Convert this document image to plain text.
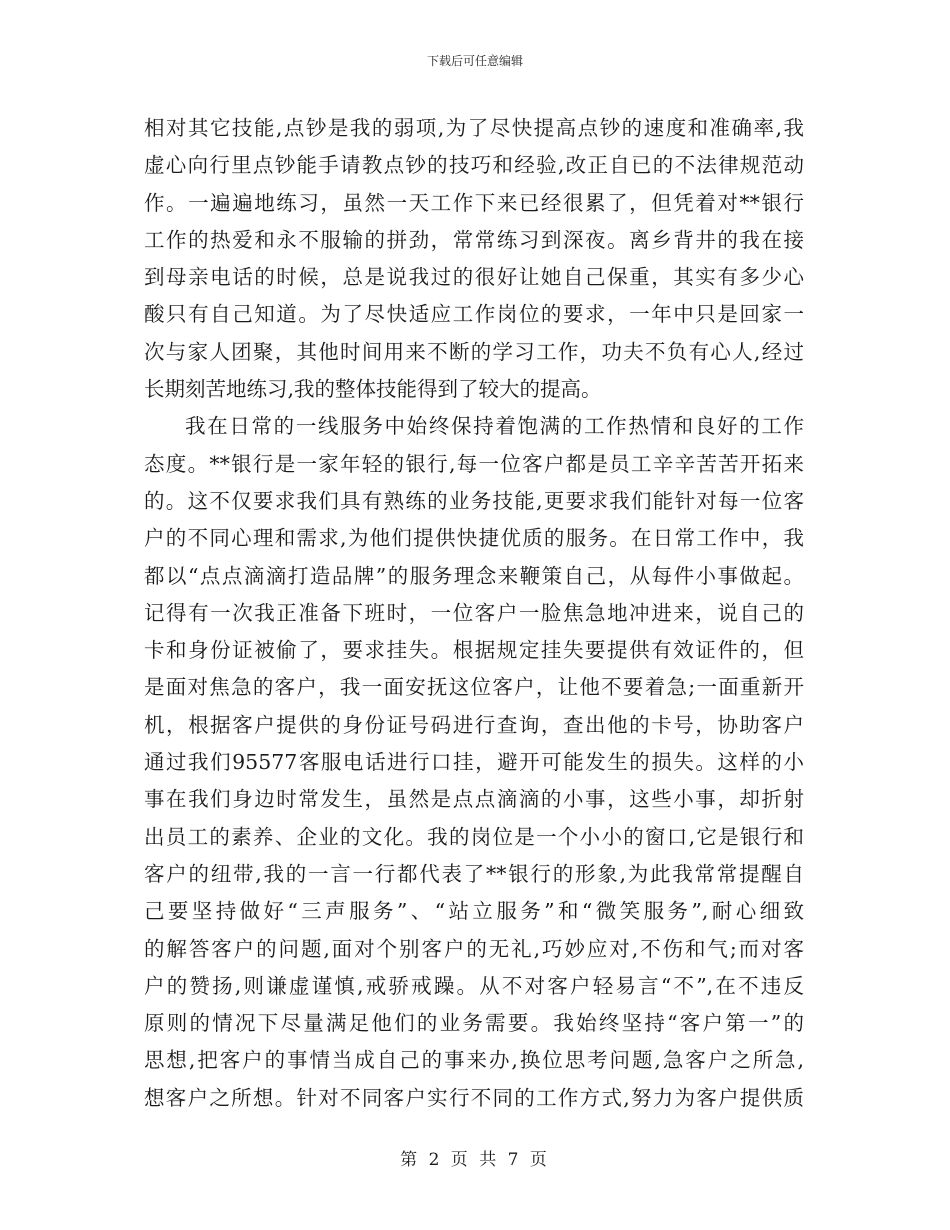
下载后可任意编辑
相对其它技能,点钞是我的弱项,为了尽快提高点钞的速度和准确率,我
虚心向行里点钞能手请教点钞的技巧和经验,改正自已的不法律规范动
作。一遍遍地练习，虽然一天工作下来已经很累了，但凭着对**银行
工作的热爱和永不服输的拼劲，常常练习到深夜。离乡背井的我在接
到母亲电话的时候，总是说我过的很好让她自己保重，其实有多少心
酸只有自己知道。为了尽快适应工作岗位的要求，一年中只是回家一
次与家人团聚，其他时间用来不断的学习工作，功夫不负有心人,经过
长期刻苦地练习,我的整体技能得到了较大的提高。
我在日常的一线服务中始终保持着饱满的工作热情和良好的工作
态度。**银行是一家年轻的银行,每一位客户都是员工辛辛苦苦开拓来
的。这不仅要求我们具有熟练的业务技能,更要求我们能针对每一位客
户的不同心理和需求,为他们提供快捷优质的服务。在日常工作中，我
都以“点点滴滴打造品牌”的服务理念来鞭策自己，从每件小事做起。
记得有一次我正准备下班时，一位客户一脸焦急地冲进来，说自己的
卡和身份证被偷了，要求挂失。根据规定挂失要提供有效证件的，但
是面对焦急的客户，我一面安抚这位客户，让他不要着急;一面重新开
机，根据客户提供的身份证号码进行查询，查出他的卡号，协助客户
通过我们95577客服电话进行口挂，避开可能发生的损失。这样的小
事在我们身边时常发生，虽然是点点滴滴的小事，这些小事，却折射
出员工的素养、企业的文化。我的岗位是一个小小的窗口,它是银行和
客户的纽带,我的一言一行都代表了**银行的形象,为此我常常提醒自
己要坚持做好“三声服务”、“站立服务”和“微笑服务”,耐心细致
的解答客户的问题,面对个别客户的无礼,巧妙应对,不伤和气;而对客
户的赞扬,则谦虚谨慎,戒骄戒躁。从不对客户轻易言“不”,在不违反
原则的情况下尽量满足他们的业务需要。我始终坚持“客户第一”的
思想,把客户的事情当成自己的事来办,换位思考问题,急客户之所急,
想客户之所想。针对不同客户实行不同的工作方式,努力为客户提供质
第 2 页 共 7 页
